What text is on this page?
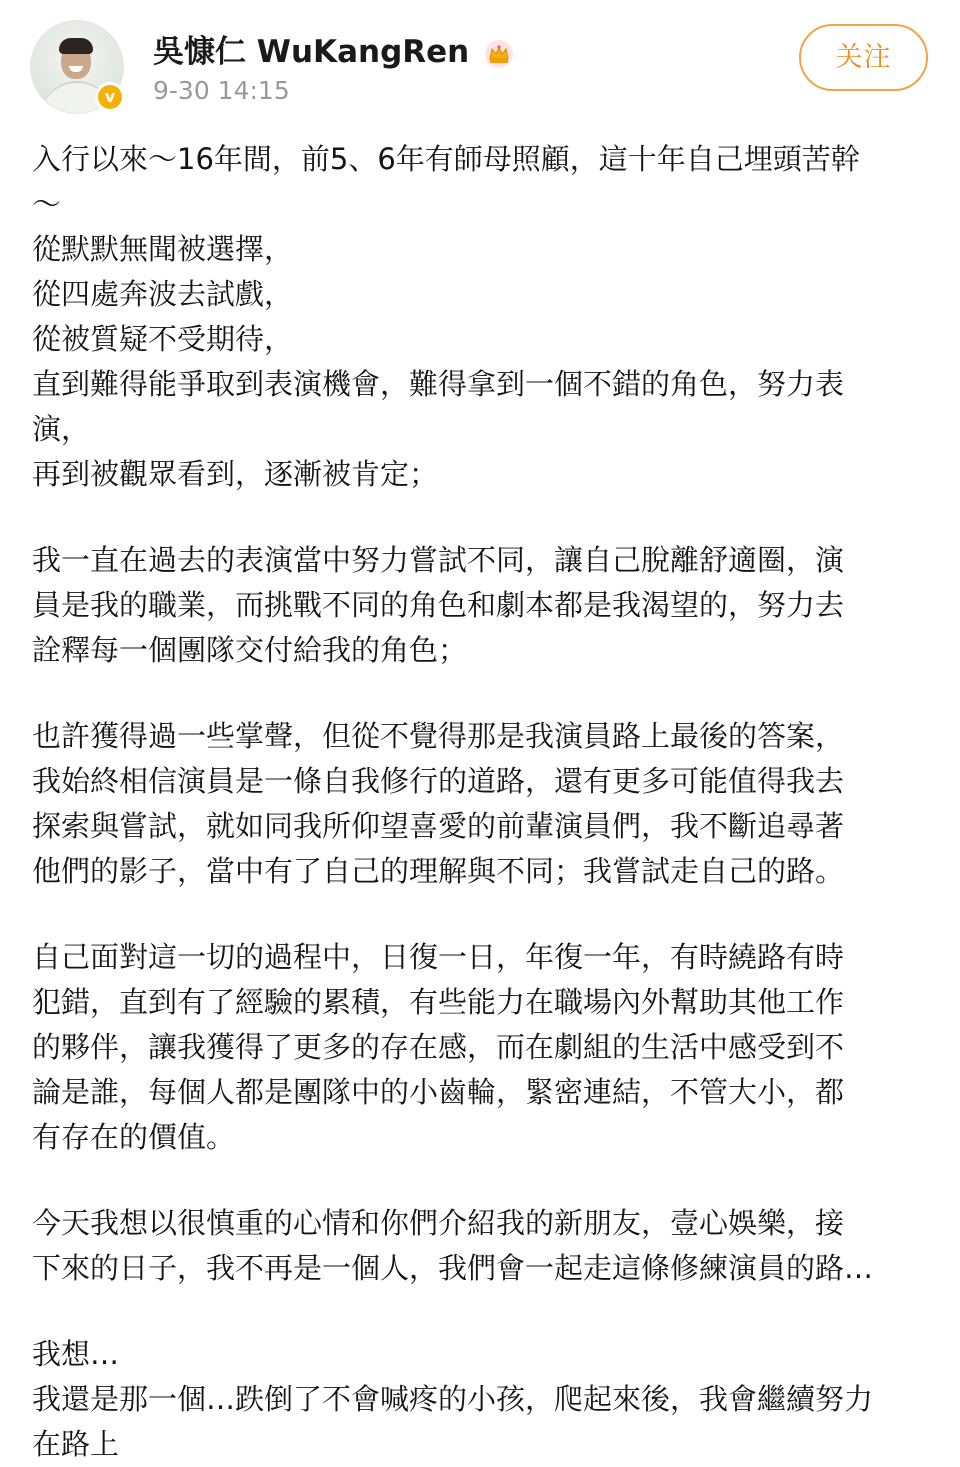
v
吳慷仁 WuKangRen
9-30 14:15
关注
入行以來～16年間，前5、6年有師母照顧，這十年自己埋頭苦幹
～
從默默無聞被選擇，
從四處奔波去試戲，
從被質疑不受期待，
直到難得能爭取到表演機會，難得拿到一個不錯的角色，努力表
演，
再到被觀眾看到，逐漸被肯定；
我一直在過去的表演當中努力嘗試不同，讓自己脫離舒適圈，演
員是我的職業，而挑戰不同的角色和劇本都是我渴望的，努力去
詮釋每一個團隊交付給我的角色；
也許獲得過一些掌聲，但從不覺得那是我演員路上最後的答案，
我始終相信演員是一條自我修行的道路，還有更多可能值得我去
探索與嘗試，就如同我所仰望喜愛的前輩演員們，我不斷追尋著
他們的影子，當中有了自己的理解與不同；我嘗試走自己的路。
自己面對這一切的過程中，日復一日，年復一年，有時繞路有時
犯錯，直到有了經驗的累積，有些能力在職場內外幫助其他工作
的夥伴，讓我獲得了更多的存在感，而在劇組的生活中感受到不
論是誰，每個人都是團隊中的小齒輪，緊密連結，不管大小，都
有存在的價值。
今天我想以很慎重的心情和你們介紹我的新朋友，壹心娛樂，接
下來的日子，我不再是一個人，我們會一起走這條修練演員的路…
我想…
我還是那一個…跌倒了不會喊疼的小孩，爬起來後，我會繼續努力
在路上
